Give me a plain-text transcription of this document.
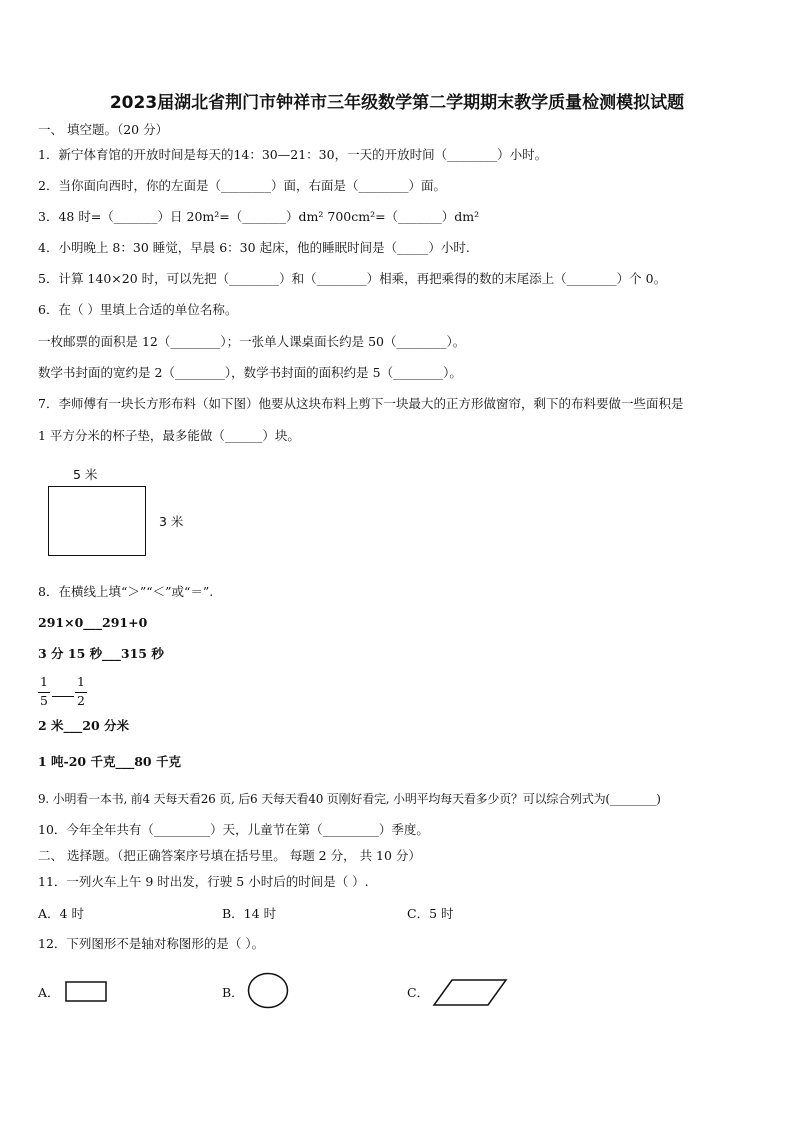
2023届湖北省荆门市钟祥市三年级数学第二学期期末教学质量检测模拟试题
一、 填空题。（20 分）
1．新宁体育馆的开放时间是每天的14：30—21：30，一天的开放时间（________）小时。
2．当你面向西时，你的左面是（________）面，右面是（________）面。
3．48 时=（_______）日 20m²=（_______）dm² 700cm²=（_______）dm²
4．小明晚上 8：30 睡觉，早晨 6：30 起床，他的睡眠时间是（_____）小时.
5．计算 140×20 时，可以先把（________）和（________）相乘，再把乘得的数的末尾添上（________）个 0。
6．在（ ）里填上合适的单位名称。
一枚邮票的面积是 12（________）；一张单人课桌面长约是 50（________）。
数学书封面的宽约是 2（________），数学书封面的面积约是 5（________）。
7．李师傅有一块长方形布料（如下图）他要从这块布料上剪下一块最大的正方形做窗帘，剩下的布料要做一些面积是
1 平方分米的杯子垫，最多能做（______）块。
5 米
3 米
8．在横线上填“＞”“＜”或“＝”.
291×0___291+0
3 分 15 秒___315 秒
1
5
1
2
2 米___20 分米
1 吨-20 千克___80 千克
9. 小明看一本书, 前4 天每天看26 页, 后6 天每天看40 页刚好看完, 小明平均每天看多少页？可以综合列式为(________)
10．今年全年共有（_________）天，儿童节在第（_________）季度。
二、 选择题。（把正确答案序号填在括号里。 每题 2 分， 共 10 分）
11．一列火车上午 9 时出发，行驶 5 小时后的时间是（ ）.
A．4 时	B．14 时	C．5 时
12．下列图形不是轴对称图形的是（ ）。
A．	B．	C．
